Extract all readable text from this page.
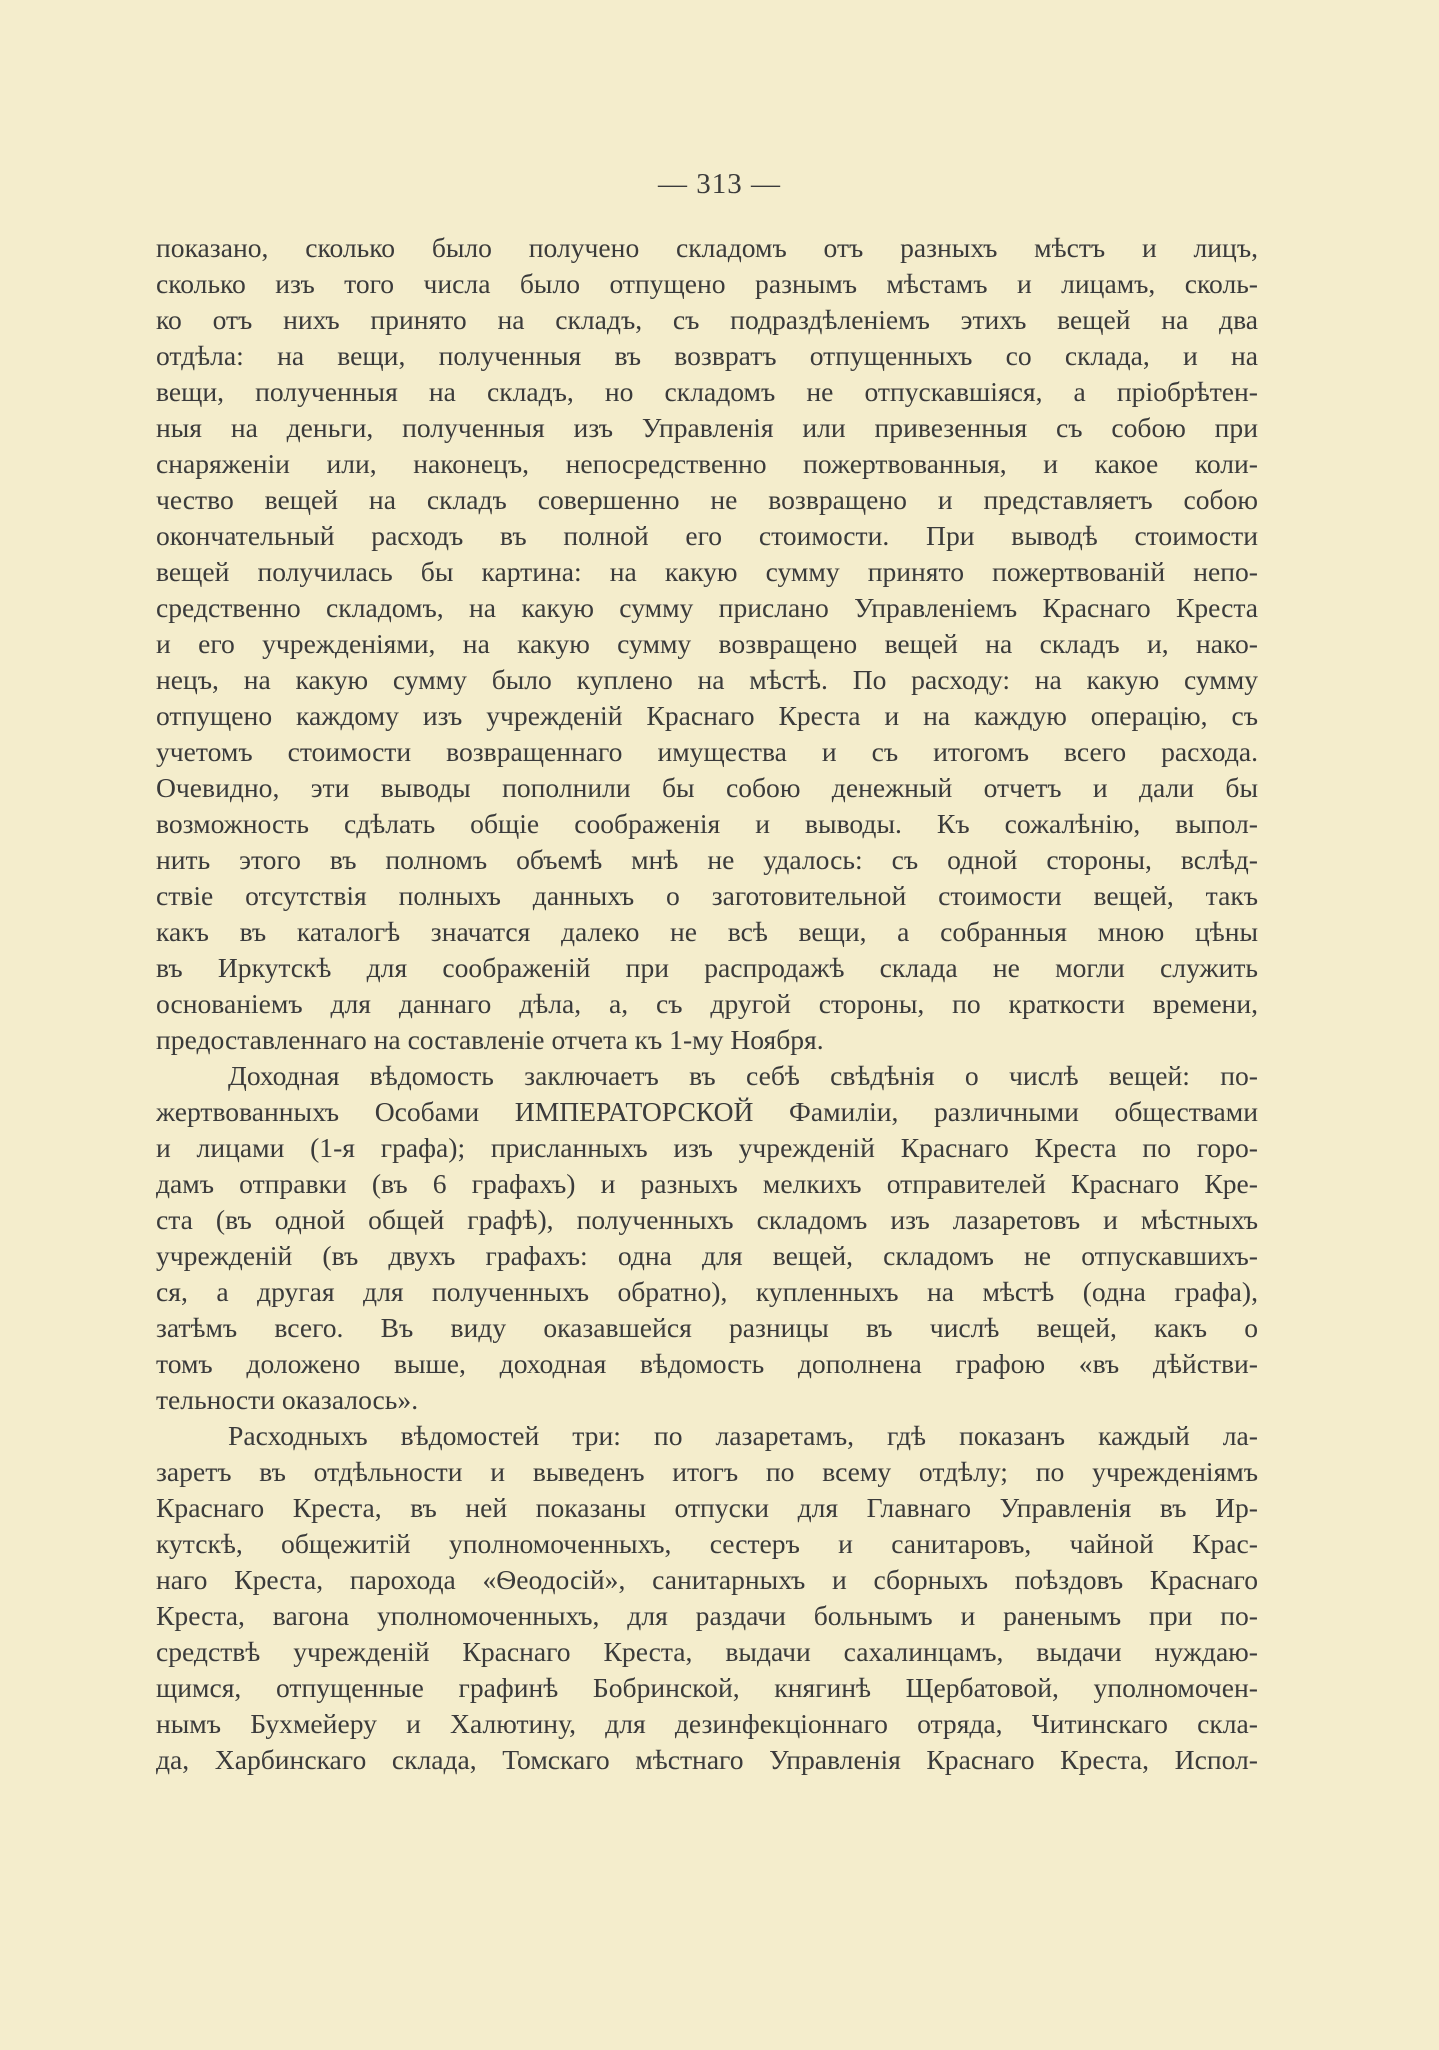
— 313 —
показано, сколько было получено складомъ отъ разныхъ мѣстъ и лицъ,
сколько изъ того числа было отпущено разнымъ мѣстамъ и лицамъ, сколь-
ко отъ нихъ принято на складъ, съ подраздѣленіемъ этихъ вещей на два
отдѣла: на вещи, полученныя въ возвратъ отпущенныхъ со склада, и на
вещи, полученныя на складъ, но складомъ не отпускавшіяся, а пріобрѣтен-
ныя на деньги, полученныя изъ Управленія или привезенныя съ собою при
снаряженіи или, наконецъ, непосредственно пожертвованныя, и какое коли-
чество вещей на складъ совершенно не возвращено и представляетъ собою
окончательный расходъ въ полной его стоимости. При выводѣ стоимости
вещей получилась бы картина: на какую сумму принято пожертвованій непо-
средственно складомъ, на какую сумму прислано Управленіемъ Краснаго Креста
и его учрежденіями, на какую сумму возвращено вещей на складъ и, нако-
нецъ, на какую сумму было куплено на мѣстѣ. По расходу: на какую сумму
отпущено каждому изъ учрежденій Краснаго Креста и на каждую операцію, съ
учетомъ стоимости возвращеннаго имущества и съ итогомъ всего расхода.
Очевидно, эти выводы пополнили бы собою денежный отчетъ и дали бы
возможность сдѣлать общіе соображенія и выводы. Къ сожалѣнію, выпол-
нить этого въ полномъ объемѣ мнѣ не удалось: съ одной стороны, вслѣд-
ствіе отсутствія полныхъ данныхъ о заготовительной стоимости вещей, такъ
какъ въ каталогѣ значатся далеко не всѣ вещи, а собранныя мною цѣны
въ Иркутскѣ для соображеній при распродажѣ склада не могли служить
основаніемъ для даннаго дѣла, а, съ другой стороны, по краткости времени,
предоставленнаго на составленіе отчета къ 1-му Ноября.
Доходная вѣдомость заключаетъ въ себѣ свѣдѣнія о числѣ вещей: по-
жертвованныхъ Особами ИМПЕРАТОРСКОЙ Фамиліи, различными обществами
и лицами (1-я графа); присланныхъ изъ учрежденій Краснаго Креста по горо-
дамъ отправки (въ 6 графахъ) и разныхъ мелкихъ отправителей Краснаго Кре-
ста (въ одной общей графѣ), полученныхъ складомъ изъ лазаретовъ и мѣстныхъ
учрежденій (въ двухъ графахъ: одна для вещей, складомъ не отпускавшихъ-
ся, а другая для полученныхъ обратно), купленныхъ на мѣстѣ (одна графа),
затѣмъ всего. Въ виду оказавшейся разницы въ числѣ вещей, какъ о
томъ доложено выше, доходная вѣдомость дополнена графою «въ дѣйстви-
тельности оказалось».
Расходныхъ вѣдомостей три: по лазаретамъ, гдѣ показанъ каждый ла-
заретъ въ отдѣльности и выведенъ итогъ по всему отдѣлу; по учрежденіямъ
Краснаго Креста, въ ней показаны отпуски для Главнаго Управленія въ Ир-
кутскѣ, общежитій уполномоченныхъ, сестеръ и санитаровъ, чайной Крас-
наго Креста, парохода «Ѳеодосій», санитарныхъ и сборныхъ поѣздовъ Краснаго
Креста, вагона уполномоченныхъ, для раздачи больнымъ и раненымъ при по-
средствѣ учрежденій Краснаго Креста, выдачи сахалинцамъ, выдачи нуждаю-
щимся, отпущенные графинѣ Бобринской, княгинѣ Щербатовой, уполномочен-
нымъ Бухмейеру и Халютину, для дезинфекціоннаго отряда, Читинскаго скла-
да, Харбинскаго склада, Томскаго мѣстнаго Управленія Краснаго Креста, Испол-
